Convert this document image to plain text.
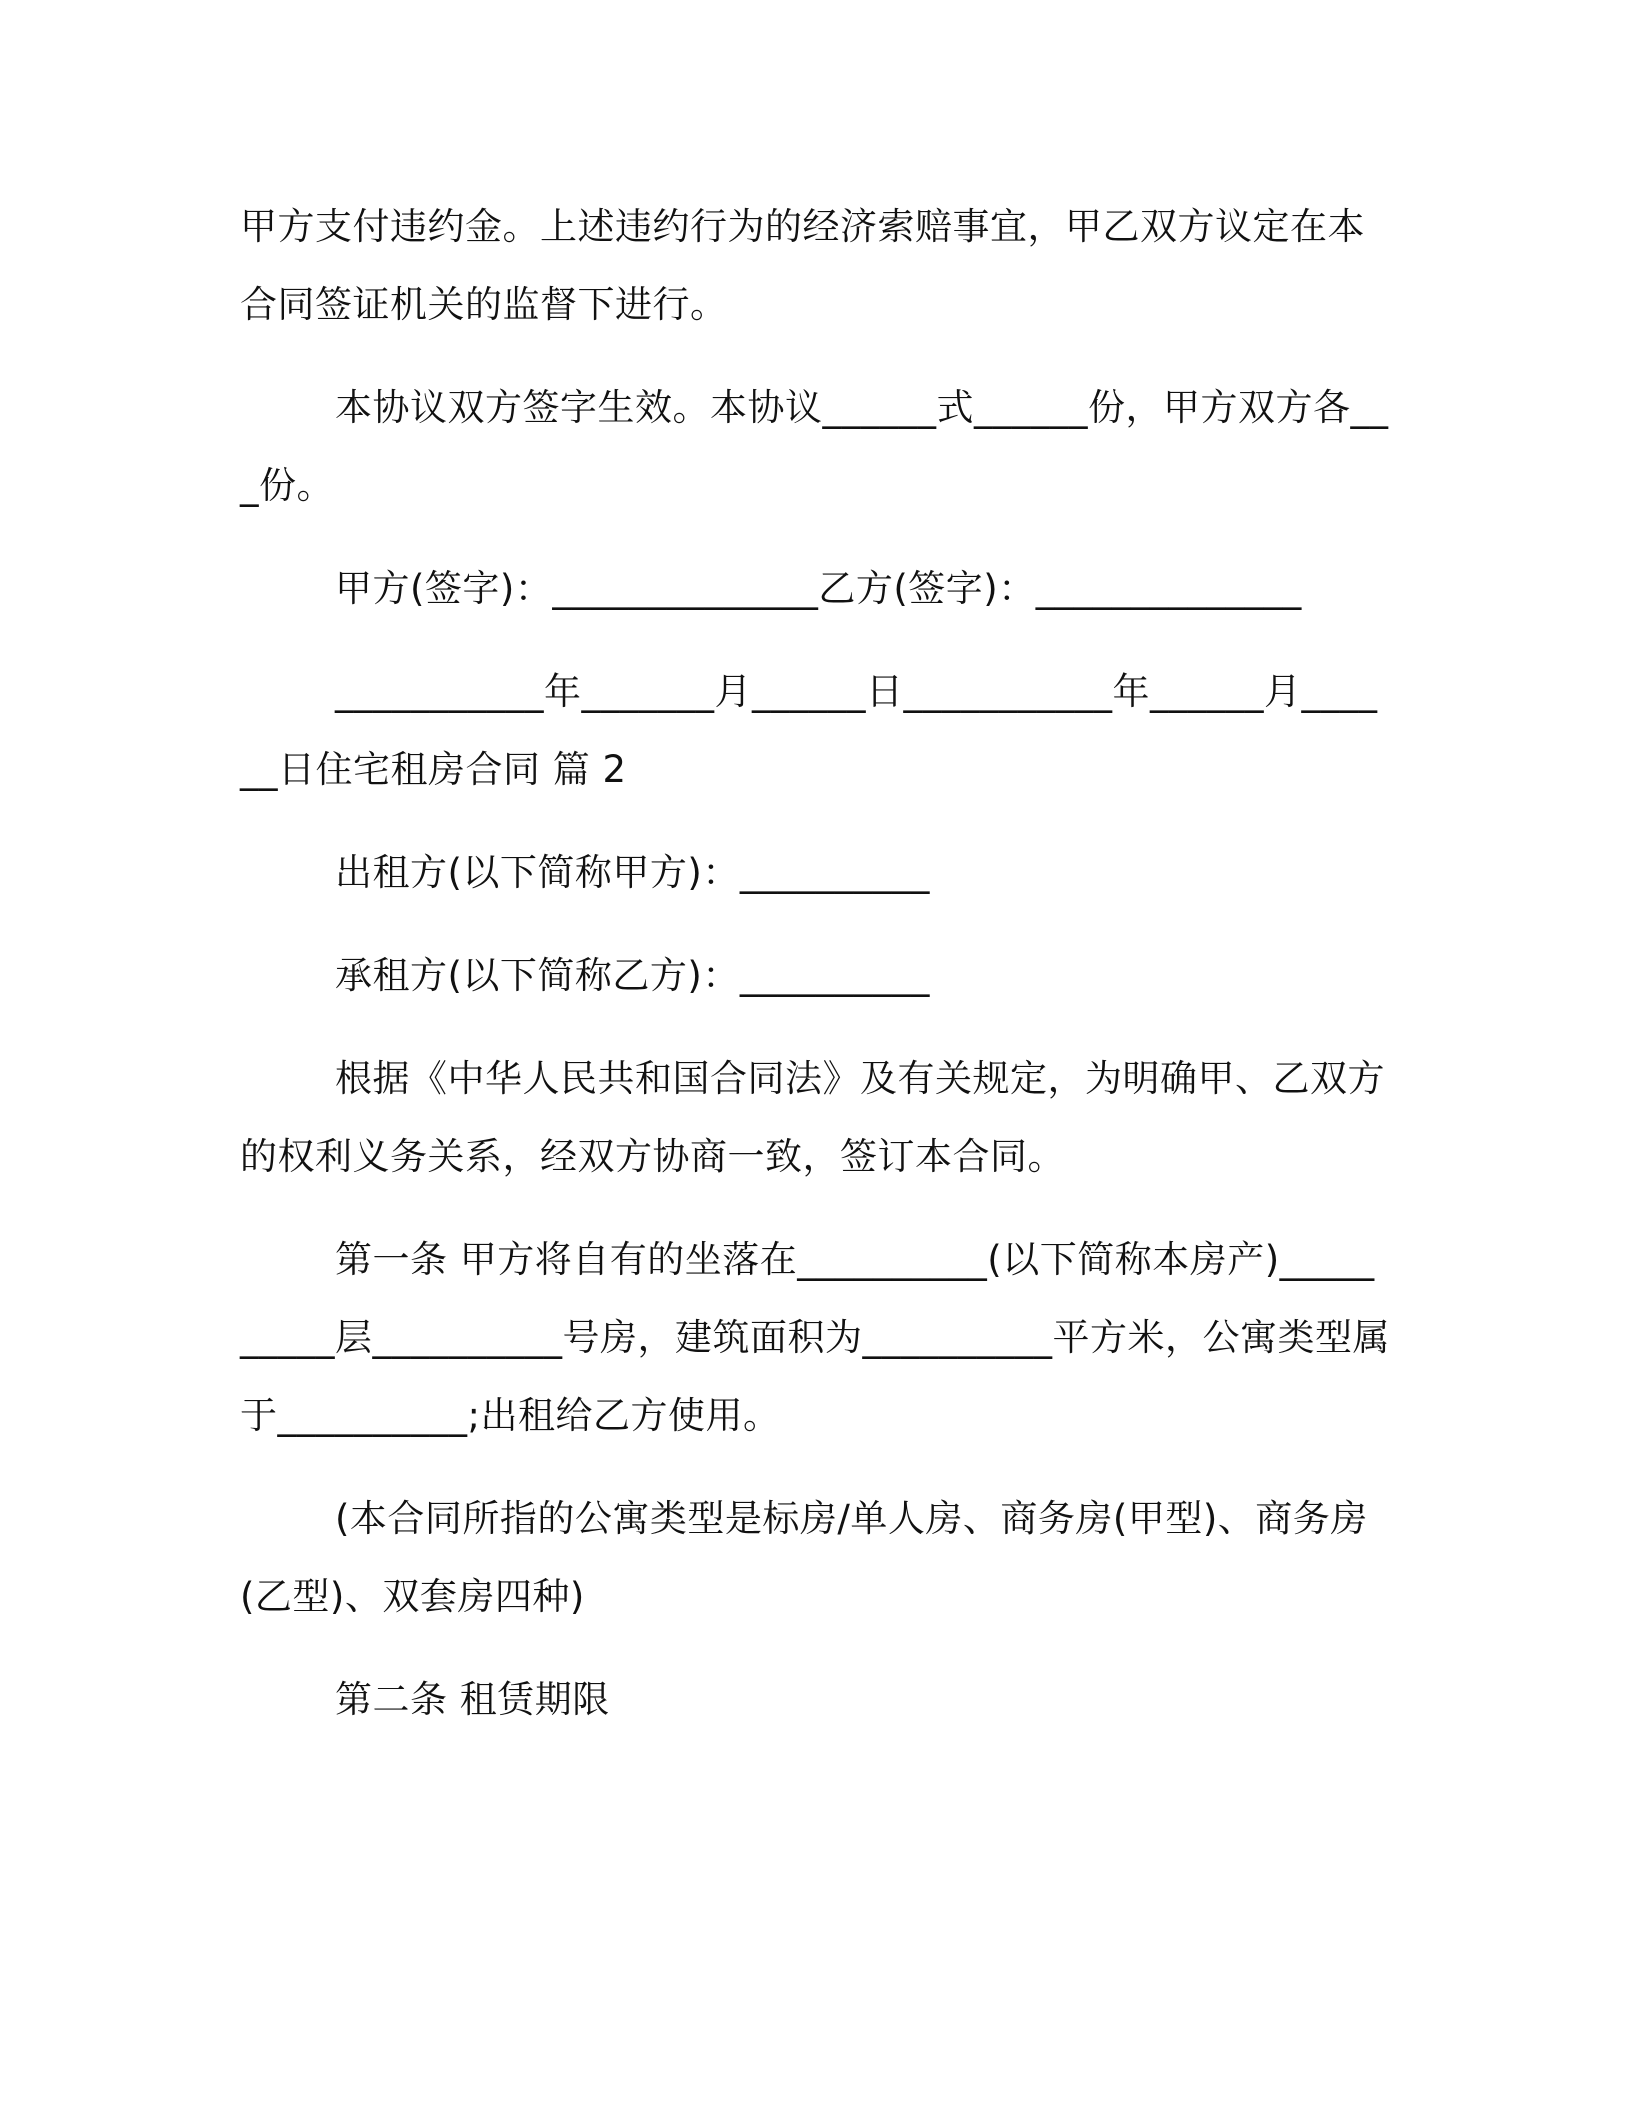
甲方支付违约金。上述违约行为的经济索赔事宜，甲乙双方议定在本合同签证机关的监督下进行。

本协议双方签字生效。本协议______式______份，甲方双方各___份。

甲方(签字)：______________乙方(签字)：______________

___________年_______月______日___________年______月______日住宅租房合同 篇 2

出租方(以下简称甲方)：__________

承租方(以下简称乙方)：__________

根据《中华人民共和国合同法》及有关规定，为明确甲、乙双方的权利义务关系，经双方协商一致，签订本合同。

第一条 甲方将自有的坐落在__________(以下简称本房产)__________层__________号房，建筑面积为__________平方米，公寓类型属于__________;出租给乙方使用。

(本合同所指的公寓类型是标房/单人房、商务房(甲型)、商务房(乙型)、双套房四种)

第二条 租赁期限
